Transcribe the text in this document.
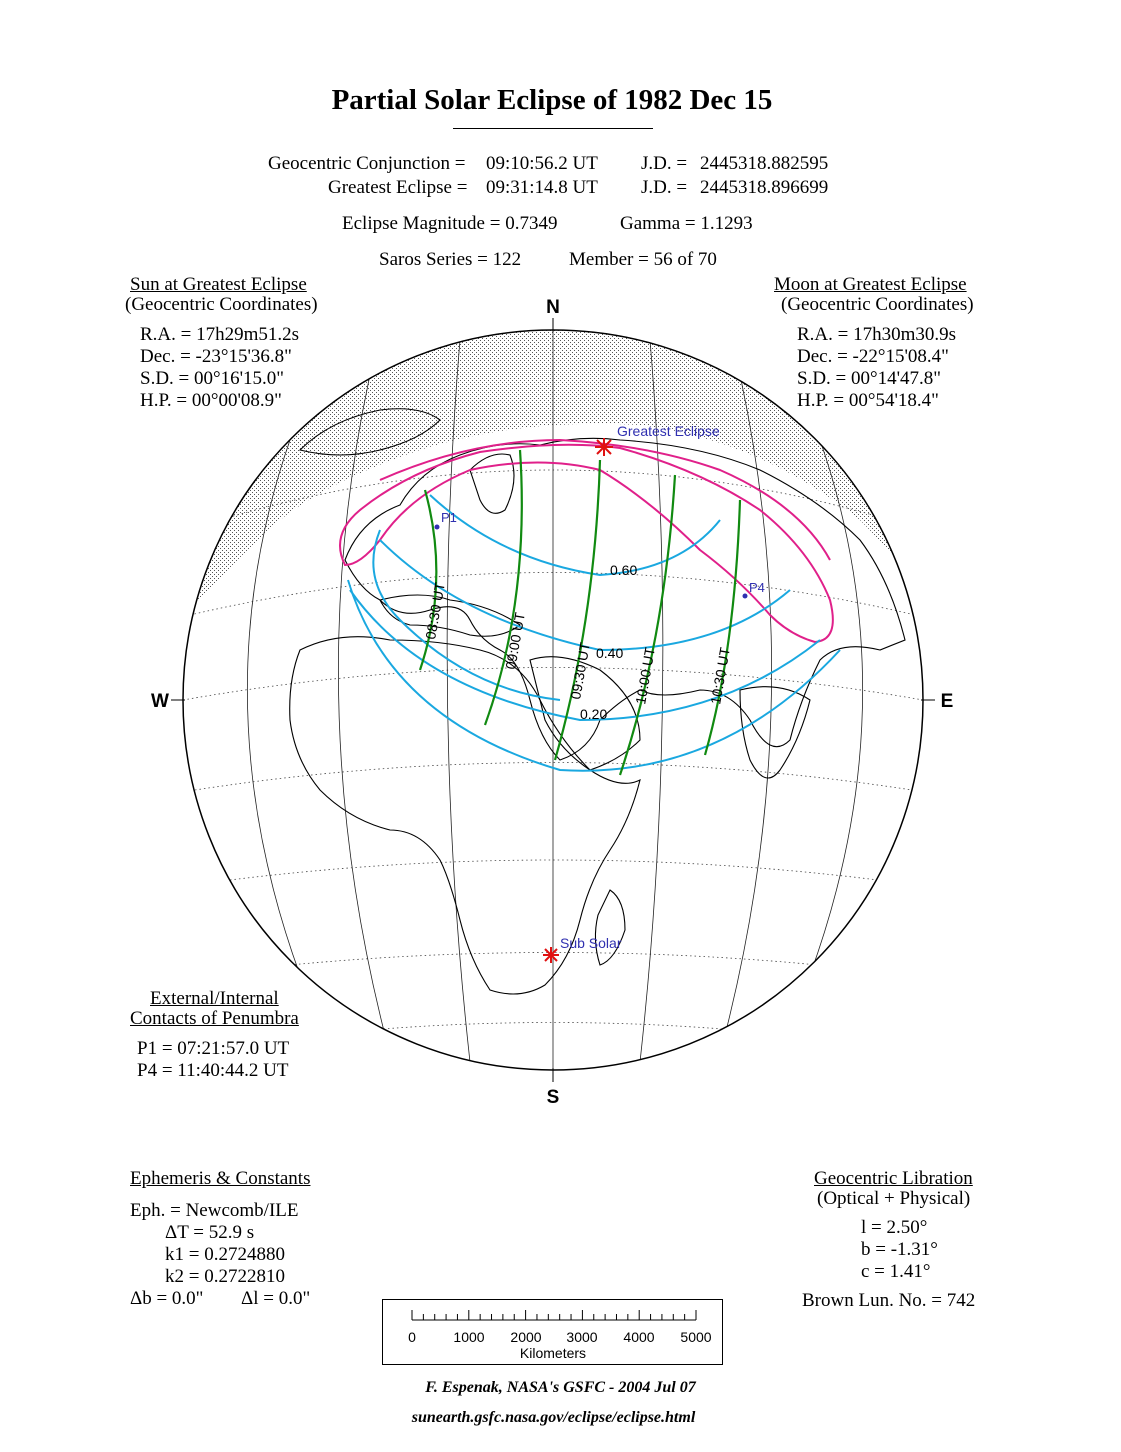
Partial Solar Eclipse of 1982 Dec 15
Geocentric Conjunction = 09:10:56.2 UT J.D. = 2445318.882595
Greatest Eclipse = 09:31:14.8 UT J.D. = 2445318.896699
Eclipse Magnitude = 0.7349	Gamma = 1.1293
Saros Series = 122	Member = 56 of 70
Sun at Greatest Eclipse
(Geocentric Coordinates)
R.A. = 17h29m51.2s
Dec. = -23°15'36.8"
S.D. = 00°16'15.0"
H.P. = 00°00'08.9"
Moon at Greatest Eclipse
(Geocentric Coordinates)
R.A. = 17h30m30.9s
Dec. = -22°15'08.4"
S.D. = 00°14'47.8"
H.P. = 00°54'18.4"
External/Internal
Contacts of Penumbra
P1 = 07:21:57.0 UT
P4 = 11:40:44.2 UT
Ephemeris & Constants
Eph. = Newcomb/ILE
ΔT = 52.9 s
k1 = 0.2724880
k2 = 0.2722810
Δb = 0.0" Δl = 0.0"
Geocentric Libration
(Optical + Physical)
l = 2.50°
b = -1.31°
c = 1.41°
Brown Lun. No. = 742
N
S
W	E
08:30 UT
09:00 UT
09:30 UT	10:00 UT	10:30 UT
0.60
0.40
0.20
P1
P4
Greatest Eclipse
Sub Solar
0	1000 2000 3000 4000 5000
Kilometers
F. Espenak, NASA's GSFC - 2004 Jul 07
sunearth.gsfc.nasa.gov/eclipse/eclipse.html
